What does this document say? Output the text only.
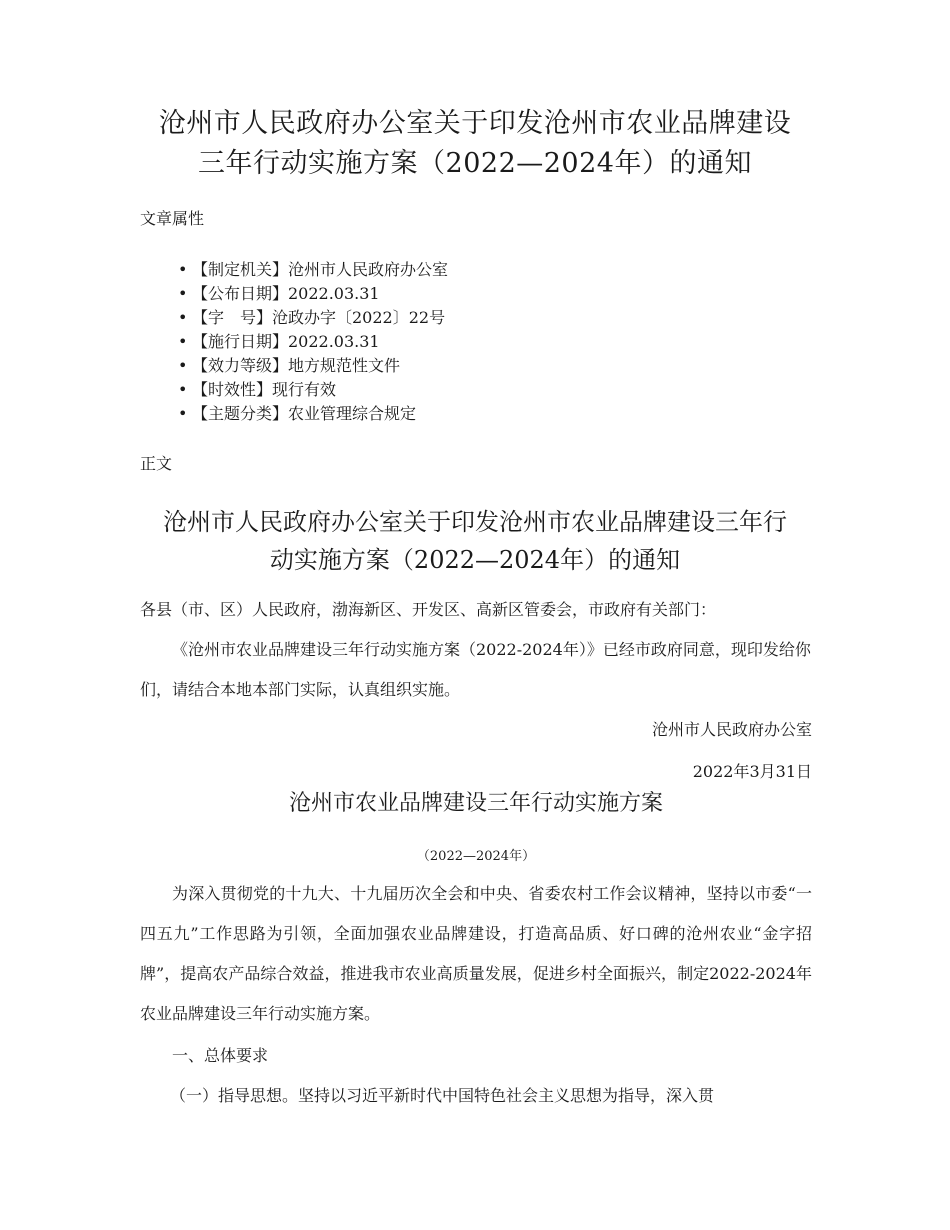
沧州市人民政府办公室关于印发沧州市农业品牌建设
三年行动实施方案（2022—2024年）的通知
文章属性
• 【制定机关】沧州市人民政府办公室
• 【公布日期】2022.03.31
• 【字　号】沧政办字〔2022〕22号
• 【施行日期】2022.03.31
• 【效力等级】地方规范性文件
• 【时效性】现行有效
• 【主题分类】农业管理综合规定
正文
沧州市人民政府办公室关于印发沧州市农业品牌建设三年行
动实施方案（2022—2024年）的通知
各县（市、区）人民政府，渤海新区、开发区、高新区管委会，市政府有关部门：
《沧州市农业品牌建设三年行动实施方案（2022-2024年）》已经市政府同意，现印发给你们，请结合本地本部门实际，认真组织实施。
沧州市人民政府办公室
2022年3月31日
沧州市农业品牌建设三年行动实施方案
（2022—2024年）
为深入贯彻党的十九大、十九届历次全会和中央、省委农村工作会议精神，坚持以市委“一四五九”工作思路为引领，全面加强农业品牌建设，打造高品质、好口碑的沧州农业“金字招牌”，提高农产品综合效益，推进我市农业高质量发展，促进乡村全面振兴，制定2022-2024年农业品牌建设三年行动实施方案。
一、总体要求
（一）指导思想。坚持以习近平新时代中国特色社会主义思想为指导，深入贯
